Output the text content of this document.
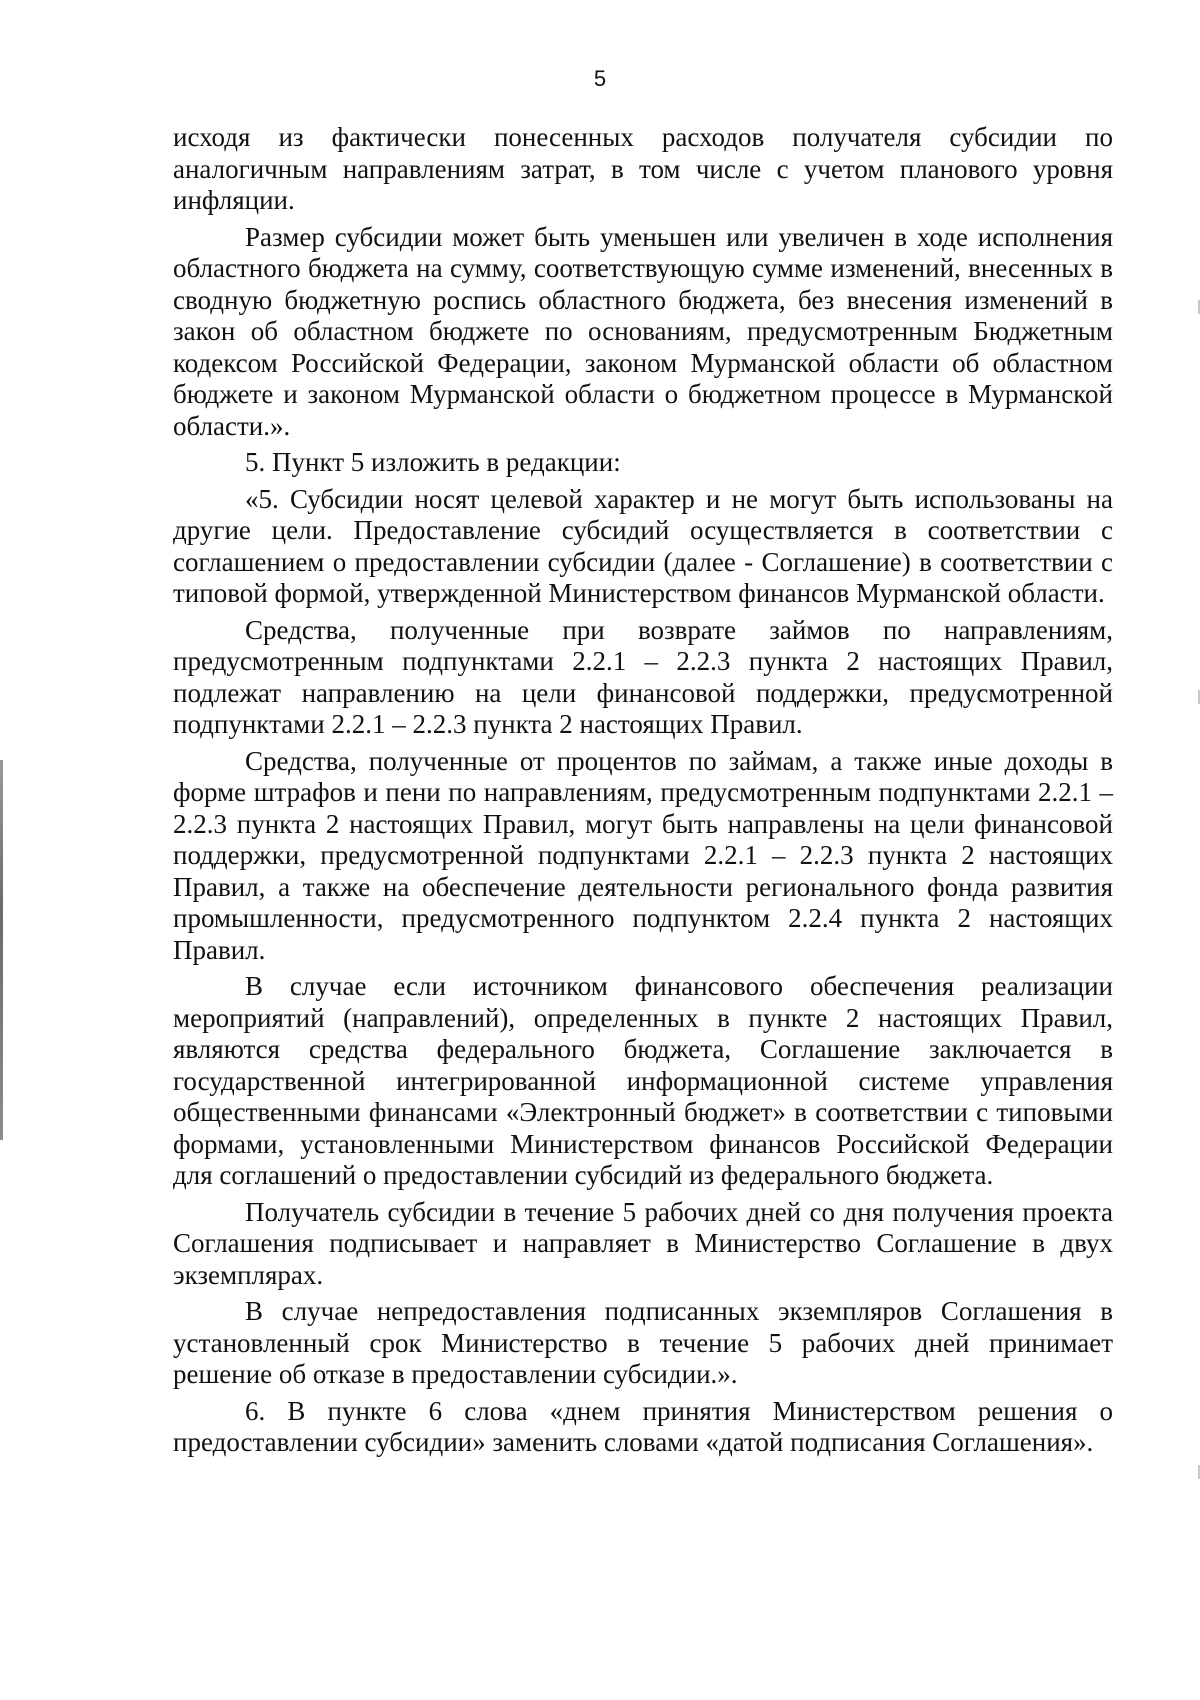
5

исходя из фактически понесенных расходов получателя субсидии по аналогичным направлениям затрат, в том числе с учетом планового уровня инфляции.

Размер субсидии может быть уменьшен или увеличен в ходе исполнения областного бюджета на сумму, соответствующую сумме изменений, внесенных в сводную бюджетную роспись областного бюджета, без внесения изменений в закон об областном бюджете по основаниям, предусмотренным Бюджетным кодексом Российской Федерации, законом Мурманской области об областном бюджете и законом Мурманской области о бюджетном процессе в Мурманской области.».

5. Пункт 5 изложить в редакции:

«5. Субсидии носят целевой характер и не могут быть использованы на другие цели. Предоставление субсидий осуществляется в соответствии с соглашением о предоставлении субсидии (далее - Соглашение) в соответствии с типовой формой, утвержденной Министерством финансов Мурманской области.

Средства, полученные при возврате займов по направлениям, предусмотренным подпунктами 2.2.1 – 2.2.3 пункта 2 настоящих Правил, подлежат направлению на цели финансовой поддержки, предусмотренной подпунктами 2.2.1 – 2.2.3 пункта 2 настоящих Правил.

Средства, полученные от процентов по займам, а также иные доходы в форме штрафов и пени по направлениям, предусмотренным подпунктами 2.2.1 – 2.2.3 пункта 2 настоящих Правил, могут быть направлены на цели финансовой поддержки, предусмотренной подпунктами 2.2.1 – 2.2.3 пункта 2 настоящих Правил, а также на обеспечение деятельности регионального фонда развития промышленности, предусмотренного подпунктом 2.2.4 пункта 2 настоящих Правил.

В случае если источником финансового обеспечения реализации мероприятий (направлений), определенных в пункте 2 настоящих Правил, являются средства федерального бюджета, Соглашение заключается в государственной интегрированной информационной системе управления общественными финансами «Электронный бюджет» в соответствии с типовыми формами, установленными Министерством финансов Российской Федерации для соглашений о предоставлении субсидий из федерального бюджета.

Получатель субсидии в течение 5 рабочих дней со дня получения проекта Соглашения подписывает и направляет в Министерство Соглашение в двух экземплярах.

В случае непредоставления подписанных экземпляров Соглашения в установленный срок Министерство в течение 5 рабочих дней принимает решение об отказе в предоставлении субсидии.».

6. В пункте 6 слова «днем принятия Министерством решения о предоставлении субсидии» заменить словами «датой подписания Соглашения».
